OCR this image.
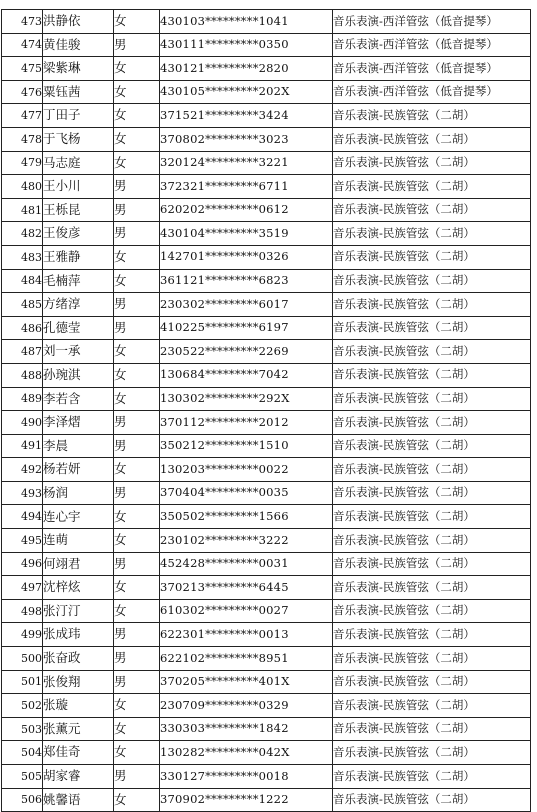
473	洪静依	女	430103*********1041	音乐表演-西洋管弦（低音提琴）
474	黄佳骏	男	430111*********0350	音乐表演-西洋管弦（低音提琴）
475	梁紫琳	女	430121*********2820	音乐表演-西洋管弦（低音提琴）
476	粟钰茜	女	430105*********202X	音乐表演-西洋管弦（低音提琴）
477	丁田子	女	371521*********3424	音乐表演-民族管弦（二胡）
478	于飞杨	女	370802*********3023	音乐表演-民族管弦（二胡）
479	马志庭	女	320124*********3221	音乐表演-民族管弦（二胡）
480	王小川	男	372321*********6711	音乐表演-民族管弦（二胡）
481	王栎昆	男	620202*********0612	音乐表演-民族管弦（二胡）
482	王俊彦	男	430104*********3519	音乐表演-民族管弦（二胡）
483	王雅静	女	142701*********0326	音乐表演-民族管弦（二胡）
484	毛楠萍	女	361121*********6823	音乐表演-民族管弦（二胡）
485	方绪淳	男	230302*********6017	音乐表演-民族管弦（二胡）
486	孔德莹	男	410225*********6197	音乐表演-民族管弦（二胡）
487	刘一承	女	230522*********2269	音乐表演-民族管弦（二胡）
488	孙琬淇	女	130684*********7042	音乐表演-民族管弦（二胡）
489	李若含	女	130302*********292X	音乐表演-民族管弦（二胡）
490	李泽熠	男	370112*********2012	音乐表演-民族管弦（二胡）
491	李晨	男	350212*********1510	音乐表演-民族管弦（二胡）
492	杨若妍	女	130203*********0022	音乐表演-民族管弦（二胡）
493	杨润	男	370404*********0035	音乐表演-民族管弦（二胡）
494	连心宇	女	350502*********1566	音乐表演-民族管弦（二胡）
495	连萌	女	230102*********3222	音乐表演-民族管弦（二胡）
496	何翊君	男	452428*********0031	音乐表演-民族管弦（二胡）
497	沈梓炫	女	370213*********6445	音乐表演-民族管弦（二胡）
498	张汀汀	女	610302*********0027	音乐表演-民族管弦（二胡）
499	张成玮	男	622301*********0013	音乐表演-民族管弦（二胡）
500	张奋政	男	622102*********8951	音乐表演-民族管弦（二胡）
501	张俊翔	男	370205*********401X	音乐表演-民族管弦（二胡）
502	张璇	女	230709*********0329	音乐表演-民族管弦（二胡）
503	张薰元	女	330303*********1842	音乐表演-民族管弦（二胡）
504	郑佳奇	女	130282*********042X	音乐表演-民族管弦（二胡）
505	胡家睿	男	330127*********0018	音乐表演-民族管弦（二胡）
506	姚馨语	女	370902*********1222	音乐表演-民族管弦（二胡）
